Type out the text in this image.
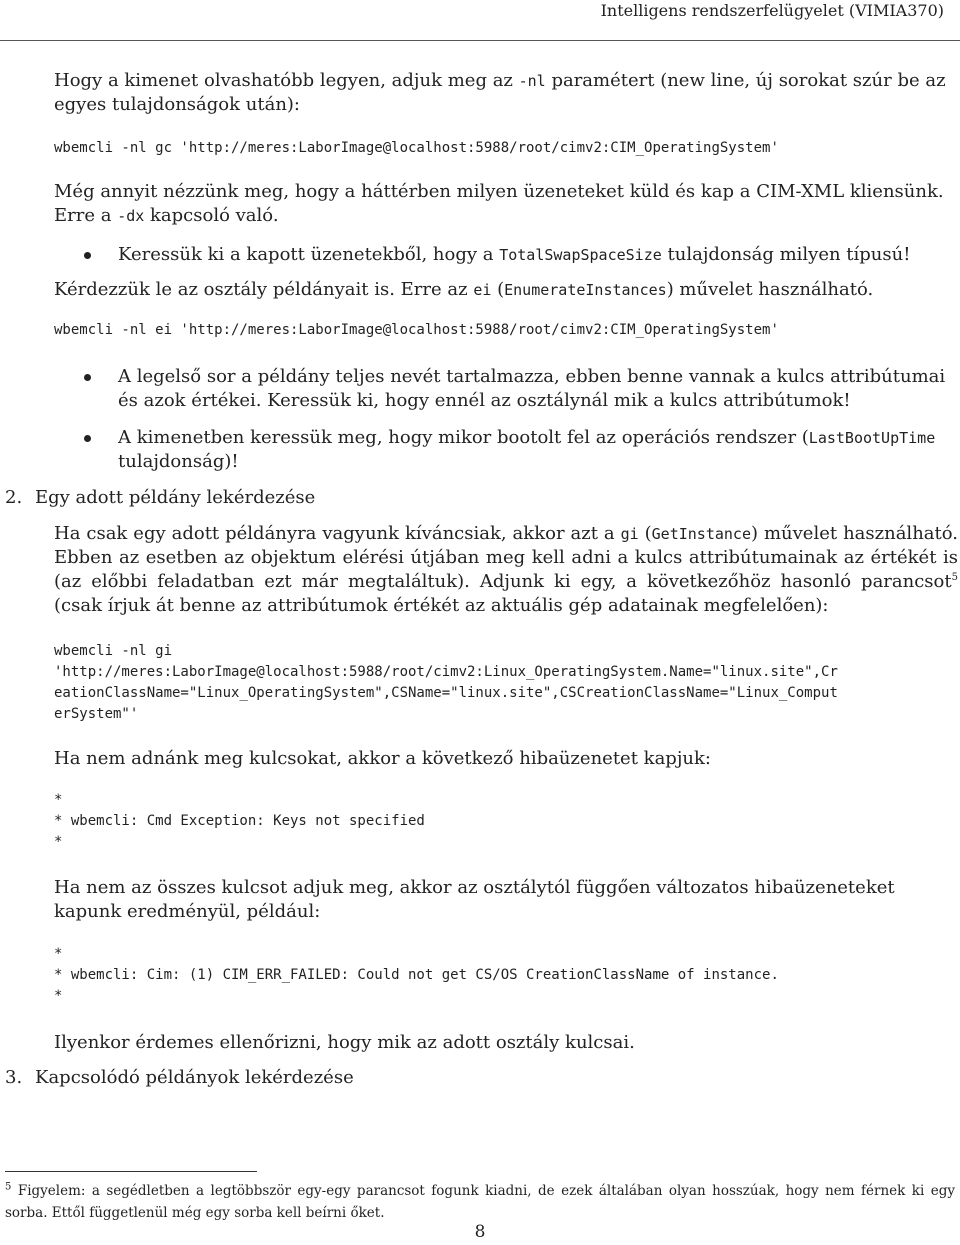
Intelligens rendszerfelügyelet (VIMIA370)

Hogy a kimenet olvashatóbb legyen, adjuk meg az -nl paramétert (new line, új sorokat szúr be az egyes tulajdonságok után):

wbemcli -nl gc 'http://meres:LaborImage@localhost:5988/root/cimv2:CIM_OperatingSystem'

Még annyit nézzünk meg, hogy a háttérben milyen üzeneteket küld és kap a CIM-XML kliensünk. Erre a -dx kapcsoló való.

Keressük ki a kapott üzenetekből, hogy a TotalSwapSpaceSize tulajdonság milyen típusú!

Kérdezzük le az osztály példányait is. Erre az ei (EnumerateInstances) művelet használható.

wbemcli -nl ei 'http://meres:LaborImage@localhost:5988/root/cimv2:CIM_OperatingSystem'
A legelső sor a példány teljes nevét tartalmazza, ebben benne vannak a kulcs attribútumai és azok értékei. Keressük ki, hogy ennél az osztálynál mik a kulcs attribútumok!
A kimenetben keressük meg, hogy mikor bootolt fel az operációs rendszer (LastBootUpTime tulajdonság)!
2. Egy adott példány lekérdezése

Ha csak egy adott példányra vagyunk kíváncsiak, akkor azt a gi (GetInstance) művelet használható. Ebben az esetben az objektum elérési útjában meg kell adni a kulcs attribútumainak az értékét is (az előbbi feladatban ezt már megtaláltuk). Adjunk ki egy, a következőhöz hasonló parancsot$^5$ (csak írjuk át benne az attribútumok értékét az aktuális gép adatainak megfelelően):

wbemcli -nl gi
'http://meres:LaborImage@localhost:5988/root/cimv2:Linux_OperatingSystem.Name="linux.site",Cr
eationClassName="Linux_OperatingSystem",CSName="linux.site",CSCreationClassName="Linux_Comput
erSystem"'

Ha nem adnánk meg kulcsokat, akkor a következő hibaüzenetet kapjuk:

*
* wbemcli: Cmd Exception: Keys not specified
*

Ha nem az összes kulcsot adjuk meg, akkor az osztálytól függően változatos hibaüzeneteket kapunk eredményül, például:

*
* wbemcli: Cim: (1) CIM_ERR_FAILED: Could not get CS/OS CreationClassName of instance.
*

Ilyenkor érdemes ellenőrizni, hogy mik az adott osztály kulcsai.

3. Kapcsolódó példányok lekérdezése
$^5$ Figyelem: a segédletben a legtöbbször egy-egy parancsot fogunk kiadni, de ezek általában olyan hosszúak, hogy nem férnek ki egy sorba. Ettől függetlenül még egy sorba kell beírni őket.
8
